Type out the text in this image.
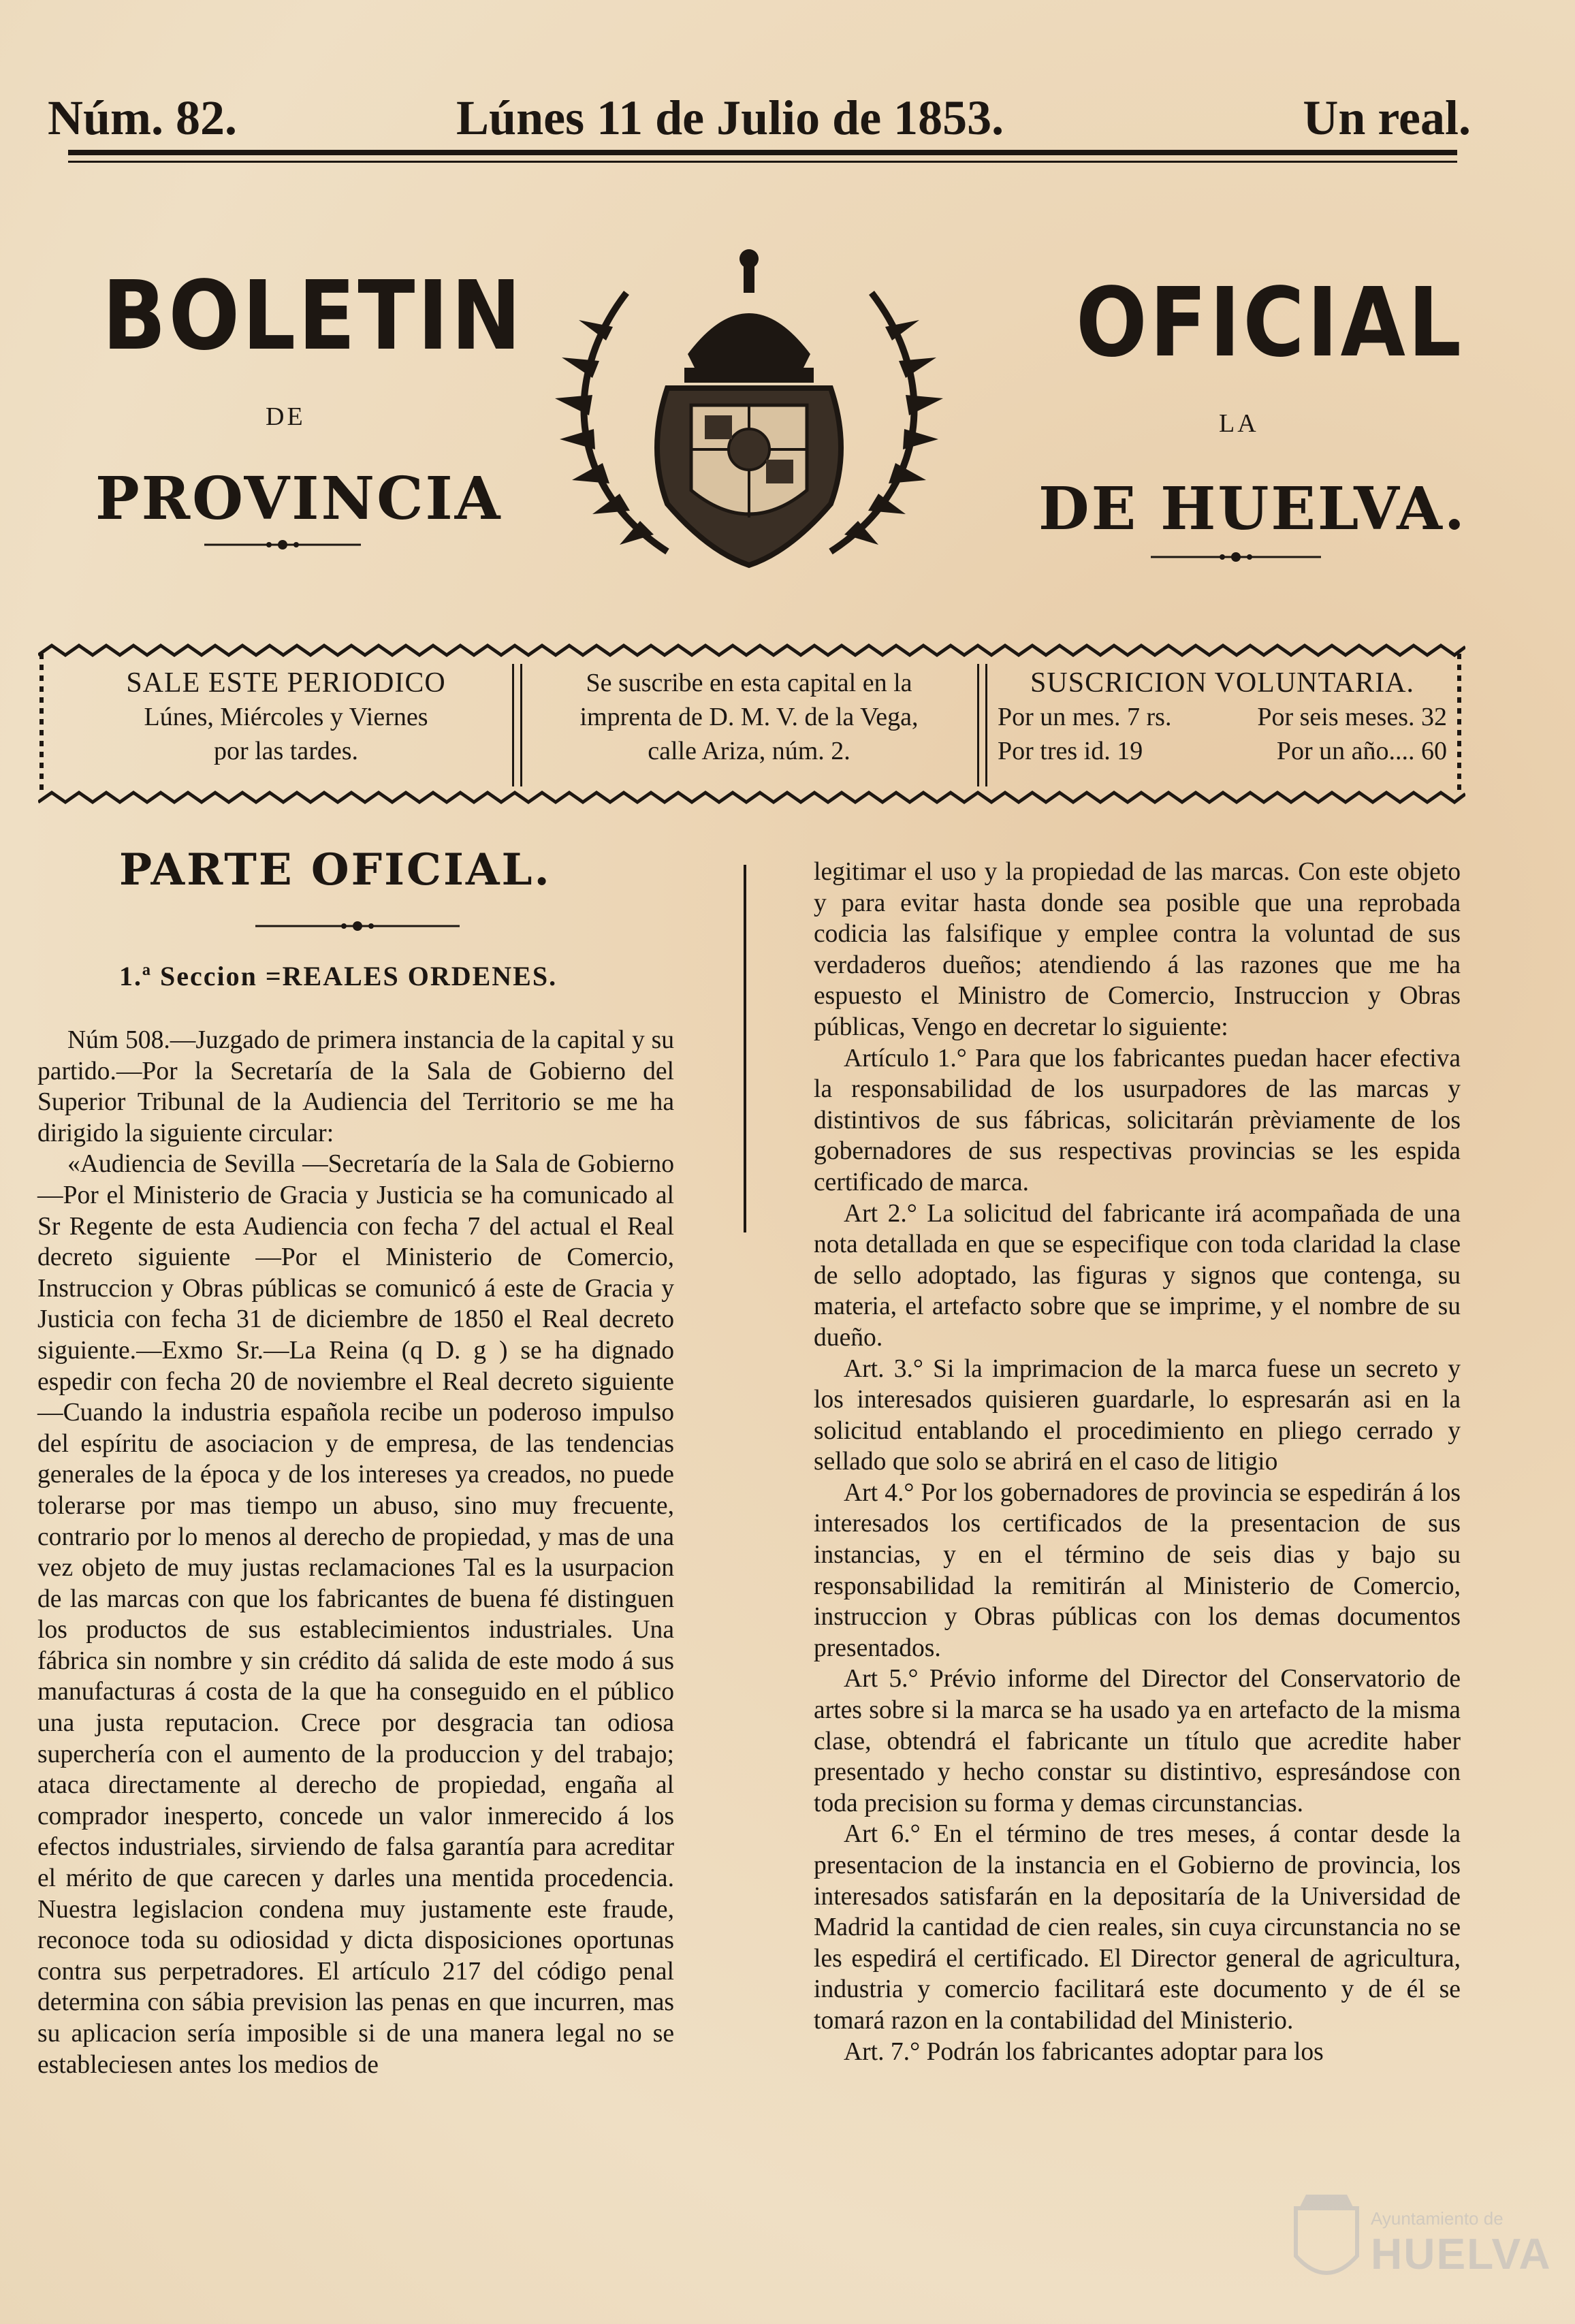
Núm. 82.	Lúnes 11 de Julio de 1853.	Un real.
BOLETIN	OFICIAL
DE	LA
PROVINCIA	DE HUELVA.
SALE ESTE PERIODICO
Lúnes, Miércoles y Viernes
por las tardes.
Se suscribe en esta capital en la
imprenta de D. M. V. de la Vega,
calle Ariza, núm. 2.
SUSCRICION VOLUNTARIA.
Por un mes. 7 rs.	Por seis meses. 32
Por tres id. 19	Por un año.... 60
PARTE OFICIAL.
1.ª Seccion =REALES ORDENES.

Núm 508.—Juzgado de primera instancia de la capital y su partido.—Por la Secretaría de la Sala de Gobierno del Superior Tribunal de la Audiencia del Territorio se me ha dirigido la siguiente circular:

«Audiencia de Sevilla —Secretaría de la Sala de Gobierno —Por el Ministerio de Gracia y Justicia se ha comunicado al Sr Regente de esta Audiencia con fecha 7 del actual el Real decreto siguiente —Por el Ministerio de Comercio, Instruccion y Obras públicas se comunicó á este de Gracia y Justicia con fecha 31 de diciembre de 1850 el Real decreto siguiente.—Exmo Sr.—La Reina (q D. g ) se ha dignado espedir con fecha 20 de noviembre el Real decreto siguiente —Cuando la industria española recibe un poderoso impulso del espíritu de asociacion y de empresa, de las tendencias generales de la época y de los intereses ya creados, no puede tolerarse por mas tiempo un abuso, sino muy frecuente, contrario por lo menos al derecho de propiedad, y mas de una vez objeto de muy justas reclamaciones Tal es la usurpacion de las marcas con que los fabricantes de buena fé distinguen los productos de sus establecimientos industriales. Una fábrica sin nombre y sin crédito dá salida de este modo á sus manufacturas á costa de la que ha conseguido en el público una justa reputacion. Crece por desgracia tan odiosa superchería con el aumento de la produccion y del trabajo; ataca directamente al derecho de propiedad, engaña al comprador inesperto, concede un valor inmerecido á los efectos industriales, sirviendo de falsa garantía para acreditar el mérito de que carecen y darles una mentida procedencia. Nuestra legislacion condena muy justamente este fraude, reconoce toda su odiosidad y dicta disposiciones oportunas contra sus perpetradores. El artículo 217 del código penal determina con sábia prevision las penas en que incurren, mas su aplicacion sería imposible si de una manera legal no se estableciesen antes los medios de

legitimar el uso y la propiedad de las marcas. Con este objeto y para evitar hasta donde sea posible que una reprobada codicia las falsifique y emplee contra la voluntad de sus verdaderos dueños; atendiendo á las razones que me ha espuesto el Ministro de Comercio, Instruccion y Obras públicas, Vengo en decretar lo siguiente:

Artículo 1.° Para que los fabricantes puedan hacer efectiva la responsabilidad de los usurpadores de las marcas y distintivos de sus fábricas, solicitarán prèviamente de los gobernadores de sus respectivas provincias se les espida certificado de marca.

Art 2.° La solicitud del fabricante irá acompañada de una nota detallada en que se especifique con toda claridad la clase de sello adoptado, las figuras y signos que contenga, su materia, el artefacto sobre que se imprime, y el nombre de su dueño.

Art. 3.° Si la imprimacion de la marca fuese un secreto y los interesados quisieren guardarle, lo espresarán asi en la solicitud entablando el procedimiento en pliego cerrado y sellado que solo se abrirá en el caso de litigio

Art 4.° Por los gobernadores de provincia se espedirán á los interesados los certificados de la presentacion de sus instancias, y en el término de seis dias y bajo su responsabilidad la remitirán al Ministerio de Comercio, instruccion y Obras públicas con los demas documentos presentados.

Art 5.° Prévio informe del Director del Conservatorio de artes sobre si la marca se ha usado ya en artefacto de la misma clase, obtendrá el fabricante un título que acredite haber presentado y hecho constar su distintivo, espresándose con toda precision su forma y demas circunstancias.

Art 6.° En el término de tres meses, á contar desde la presentacion de la instancia en el Gobierno de provincia, los interesados satisfarán en la depositaría de la Universidad de Madrid la cantidad de cien reales, sin cuya circunstancia no se les espedirá el certificado. El Director general de agricultura, industria y comercio facilitará este documento y de él se tomará razon en la contabilidad del Ministerio.

Art. 7.° Podrán los fabricantes adoptar para los

Ayuntamiento de
HUELVA
